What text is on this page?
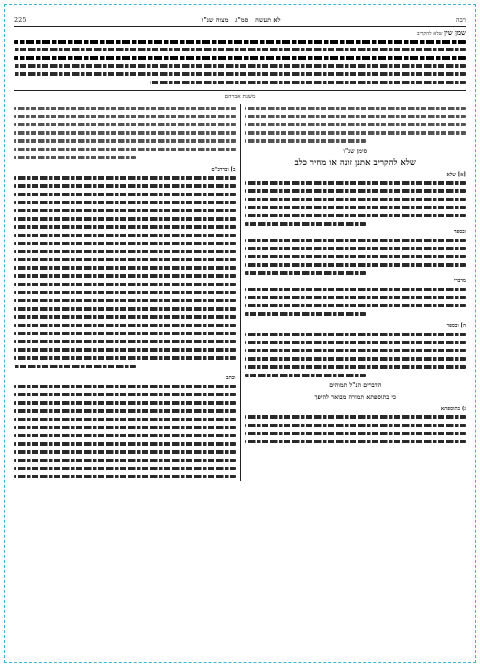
רבה
לא תעשה   סמ"ג   מצוה שנ"ו
225
שמן שין שלא להקריב
משנת אברהם
סימן שנ"ו
שלא להקריב אתנן זונה או מחיר כלב
[א] שלא
ובספר
מדברי
ה] ובספר
הדברים הנ"ל תמוהים
כי בתוספתא תמורה מבואר להיפך
ג) בתוספתא
ב] ובדרכ"ם
ובתב
